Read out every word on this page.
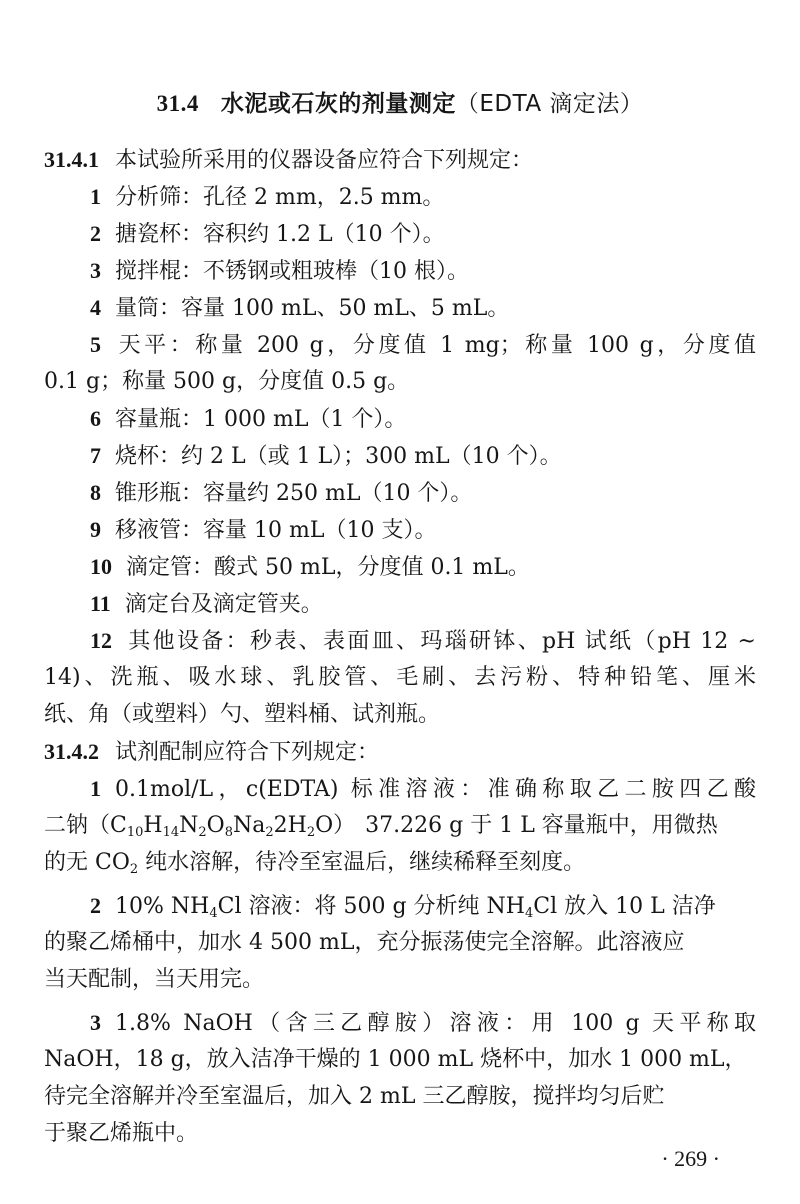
31.4 水泥或石灰的剂量测定（EDTA 滴定法）
31.4.1 本试验所采用的仪器设备应符合下列规定：
1 分析筛：孔径 2 mm，2.5 mm。
2 搪瓷杯：容积约 1.2 L（10 个）。
3 搅拌棍：不锈钢或粗玻棒（10 根）。
4 量筒：容量 100 mL、50 mL、5 mL。
5 天平：称量 200 g，分度值 1 mg；称量 100 g，分度值
0.1 g；称量 500 g，分度值 0.5 g。
6 容量瓶：1 000 mL（1 个）。
7 烧杯：约 2 L（或 1 L）；300 mL（10 个）。
8 锥形瓶：容量约 250 mL（10 个）。
9 移液管：容量 10 mL（10 支）。
10 滴定管：酸式 50 mL，分度值 0.1 mL。
11 滴定台及滴定管夹。
12 其他设备：秒表、表面皿、玛瑙研钵、pH 试纸（pH 12 ~
14)、洗瓶、吸水球、乳胶管、毛刷、去污粉、特种铅笔、厘米
纸、角（或塑料）勺、塑料桶、试剂瓶。
31.4.2 试剂配制应符合下列规定：
1 0.1mol/L，c(EDTA) 标准溶液：准确称取乙二胺四乙酸
二钠$(C_{10}H_{14}N_2O_8Na_22H_2O)$ 37.226 g 于 1 L 容量瓶中，用微热
的无 $CO_2$ 纯水溶解，待冷至室温后，继续稀释至刻度。
2 10% $NH_4Cl$ 溶液：将 500 g 分析纯 $NH_4Cl$ 放入 10 L 洁净
的聚乙烯桶中，加水 4 500 mL，充分振荡使完全溶解。此溶液应
当天配制，当天用完。
3 1.8% NaOH（含三乙醇胺）溶液：用 100 g 天平称取
NaOH，18 g，放入洁净干燥的 1 000 mL 烧杯中，加水 1 000 mL，
待完全溶解并冷至室温后，加入 2 mL 三乙醇胺，搅拌均匀后贮
于聚乙烯瓶中。
· 269 ·
